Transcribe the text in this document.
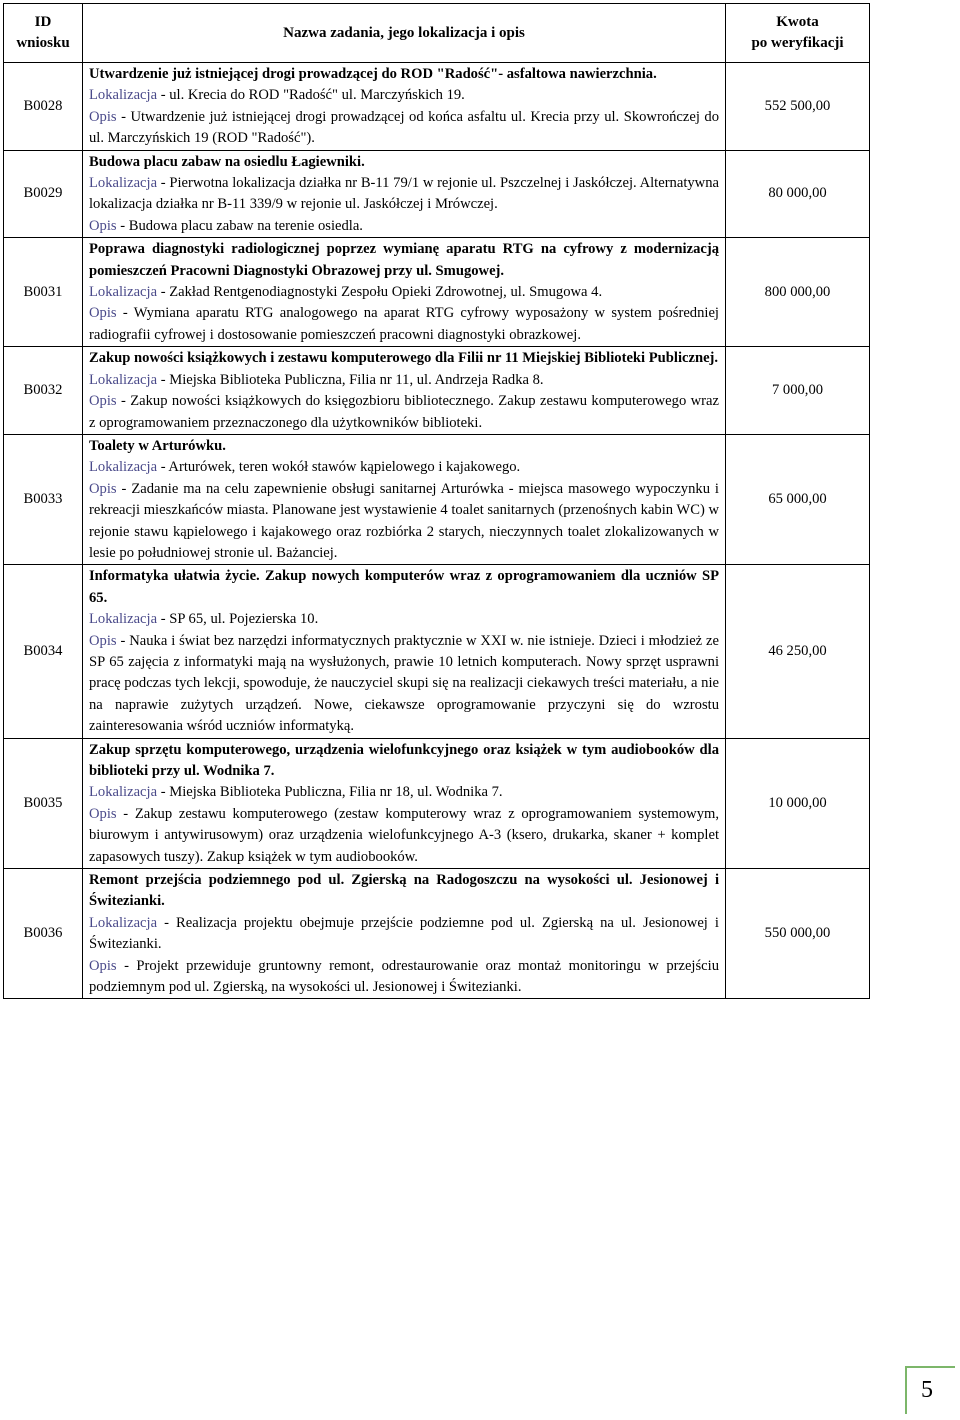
ID
wniosku	Nazwa zadania, jego lokalizacja i opis	Kwota
po weryfikacji
B0028	Utwardzenie już istniejącej drogi prowadzącej do ROD "Radość"- asfaltowa nawierzchnia.

Lokalizacja - ul. Krecia do ROD "Radość" ul. Marczyńskich 19.

Opis - Utwardzenie już istniejącej drogi prowadzącej od końca asfaltu ul. Krecia przy ul. Skowrończej do ul. Marczyńskich 19 (ROD "Radość").	552 500,00
B0029	Budowa placu zabaw na osiedlu Łagiewniki.

Lokalizacja - Pierwotna lokalizacja działka nr B-11 79/1 w rejonie ul. Pszczelnej i Jaskółczej. Alternatywna lokalizacja działka nr B-11 339/9 w rejonie ul. Jaskółczej i Mrówczej.

Opis - Budowa placu zabaw na terenie osiedla.	80 000,00
B0031	Poprawa diagnostyki radiologicznej poprzez wymianę aparatu RTG na cyfrowy z modernizacją pomieszczeń Pracowni Diagnostyki Obrazowej przy ul. Smugowej.

Lokalizacja - Zakład Rentgenodiagnostyki Zespołu Opieki Zdrowotnej, ul. Smugowa 4.

Opis - Wymiana aparatu RTG analogowego na aparat RTG cyfrowy wyposażony w system pośredniej radiografii cyfrowej i dostosowanie pomieszczeń pracowni diagnostyki obrazkowej.	800 000,00
B0032	Zakup nowości książkowych i zestawu komputerowego dla Filii nr 11 Miejskiej Biblioteki Publicznej.

Lokalizacja - Miejska Biblioteka Publiczna, Filia nr 11, ul. Andrzeja Radka 8.

Opis - Zakup nowości książkowych do księgozbioru bibliotecznego. Zakup zestawu komputerowego wraz z oprogramowaniem przeznaczonego dla użytkowników biblioteki.	7 000,00
B0033	Toalety w Arturówku.

Lokalizacja - Arturówek, teren wokół stawów kąpielowego i kajakowego.

Opis - Zadanie ma na celu zapewnienie obsługi sanitarnej Arturówka - miejsca masowego wypoczynku i rekreacji mieszkańców miasta. Planowane jest wystawienie 4 toalet sanitarnych (przenośnych kabin WC) w rejonie stawu kąpielowego i kajakowego oraz rozbiórka 2 starych, nieczynnych toalet zlokalizowanych w lesie po południowej stronie ul. Bażanciej.	65 000,00
B0034	Informatyka ułatwia życie. Zakup nowych komputerów wraz z oprogramowaniem dla uczniów SP 65.

Lokalizacja - SP 65, ul. Pojezierska 10.

Opis - Nauka i świat bez narzędzi informatycznych praktycznie w XXI w. nie istnieje. Dzieci i młodzież ze SP 65 zajęcia z informatyki mają na wysłużonych, prawie 10 letnich komputerach. Nowy sprzęt usprawni pracę podczas tych lekcji, spowoduje, że nauczyciel skupi się na realizacji ciekawych treści materiału, a nie na naprawie zużytych urządzeń. Nowe, ciekawsze oprogramowanie przyczyni się do wzrostu zainteresowania wśród uczniów informatyką.	46 250,00
B0035	Zakup sprzętu komputerowego, urządzenia wielofunkcyjnego oraz książek w tym audiobooków dla biblioteki przy ul. Wodnika 7.

Lokalizacja - Miejska Biblioteka Publiczna, Filia nr 18, ul. Wodnika 7.

Opis - Zakup zestawu komputerowego (zestaw komputerowy wraz z oprogramowaniem systemowym, biurowym i antywirusowym) oraz urządzenia wielofunkcyjnego A-3 (ksero, drukarka, skaner + komplet zapasowych tuszy). Zakup książek w tym audiobooków.	10 000,00
B0036	Remont przejścia podziemnego pod ul. Zgierską na Radogoszczu na wysokości ul. Jesionowej i Świtezianki.

Lokalizacja - Realizacja projektu obejmuje przejście podziemne pod ul. Zgierską na ul. Jesionowej i Świtezianki.

Opis - Projekt przewiduje gruntowny remont, odrestaurowanie oraz montaż monitoringu w przejściu podziemnym pod ul. Zgierską, na wysokości ul. Jesionowej i Świtezianki.	550 000,00
5
